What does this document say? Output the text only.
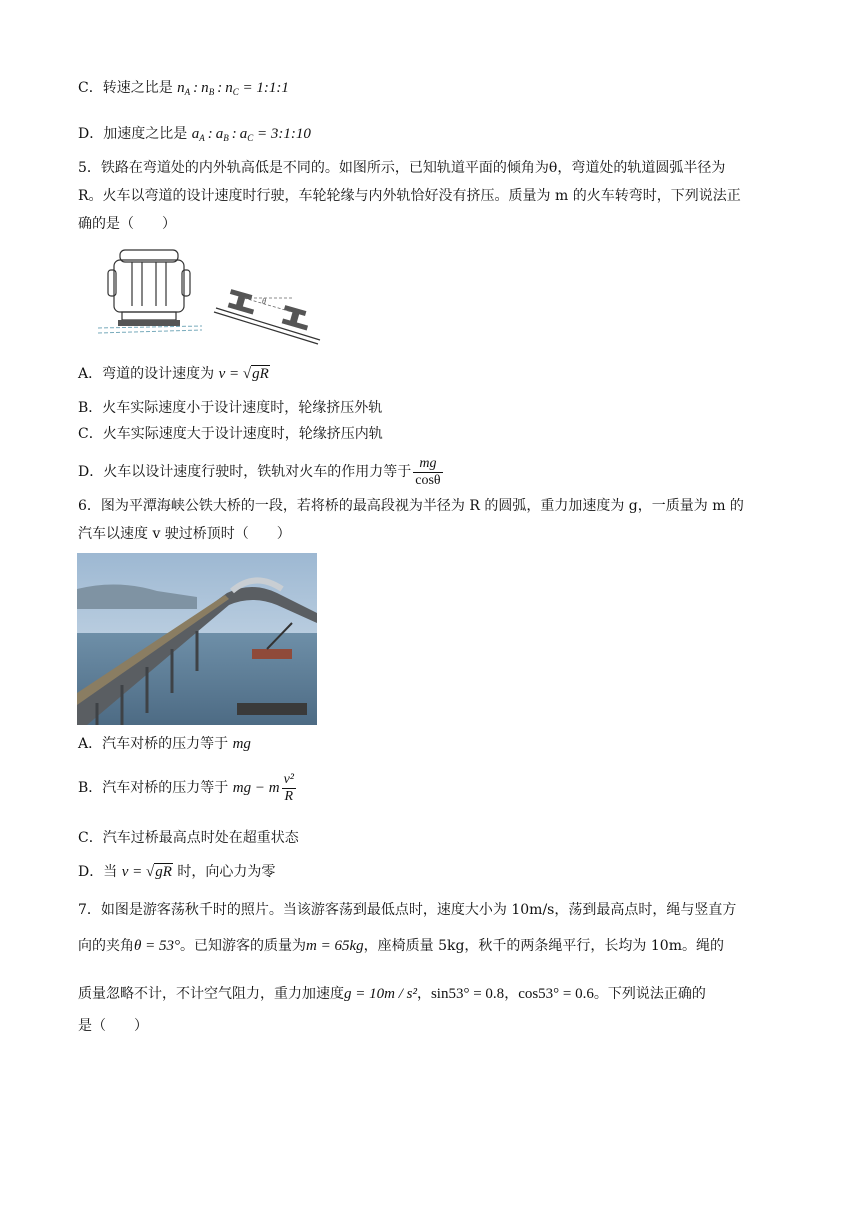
C．转速之比是 $n_A$ : $n_B$ : $n_C$ = 1:1:1
D．加速度之比是 $a_A$ : $a_B$ : $a_C$ = 3:1:10
5．铁路在弯道处的内外轨高低是不同的。如图所示，已知轨道平面的倾角为θ，弯道处的轨道圆弧半径为
R。火车以弯道的设计速度时行驶，车轮轮缘与内外轨恰好没有挤压。质量为 m 的火车转弯时，下列说法正
确的是（　　）
θ
A．弯道的设计速度为 v = √gR
B．火车实际速度小于设计速度时，轮缘挤压外轨
C．火车实际速度大于设计速度时，轮缘挤压内轨
D．火车以设计速度行驶时，铁轨对火车的作用力等于 $\frac{mg}{\cos\theta}$
6．图为平潭海峡公铁大桥的一段，若将桥的最高段视为半径为 R 的圆弧，重力加速度为 g，一质量为 m 的
汽车以速度 v 驶过桥顶时（　　）
A．汽车对桥的压力等于 mg
B．汽车对桥的压力等于 mg − m $\frac{\text{v²}}{R}$
C．汽车过桥最高点时处在超重状态
D．当 v = √gR 时，向心力为零
7．如图是游客荡秋千时的照片。当该游客荡到最低点时，速度大小为 10m/s，荡到最高点时，绳与竖直方
向的夹角θ = 53°。已知游客的质量为m = 65kg，座椅质量 5kg，秋千的两条绳平行，长均为 10m。绳的
质量忽略不计，不计空气阻力，重力加速度g = 10m / s²，sin53° = 0.8，cos53° = 0.6。下列说法正确的
是（　　）
